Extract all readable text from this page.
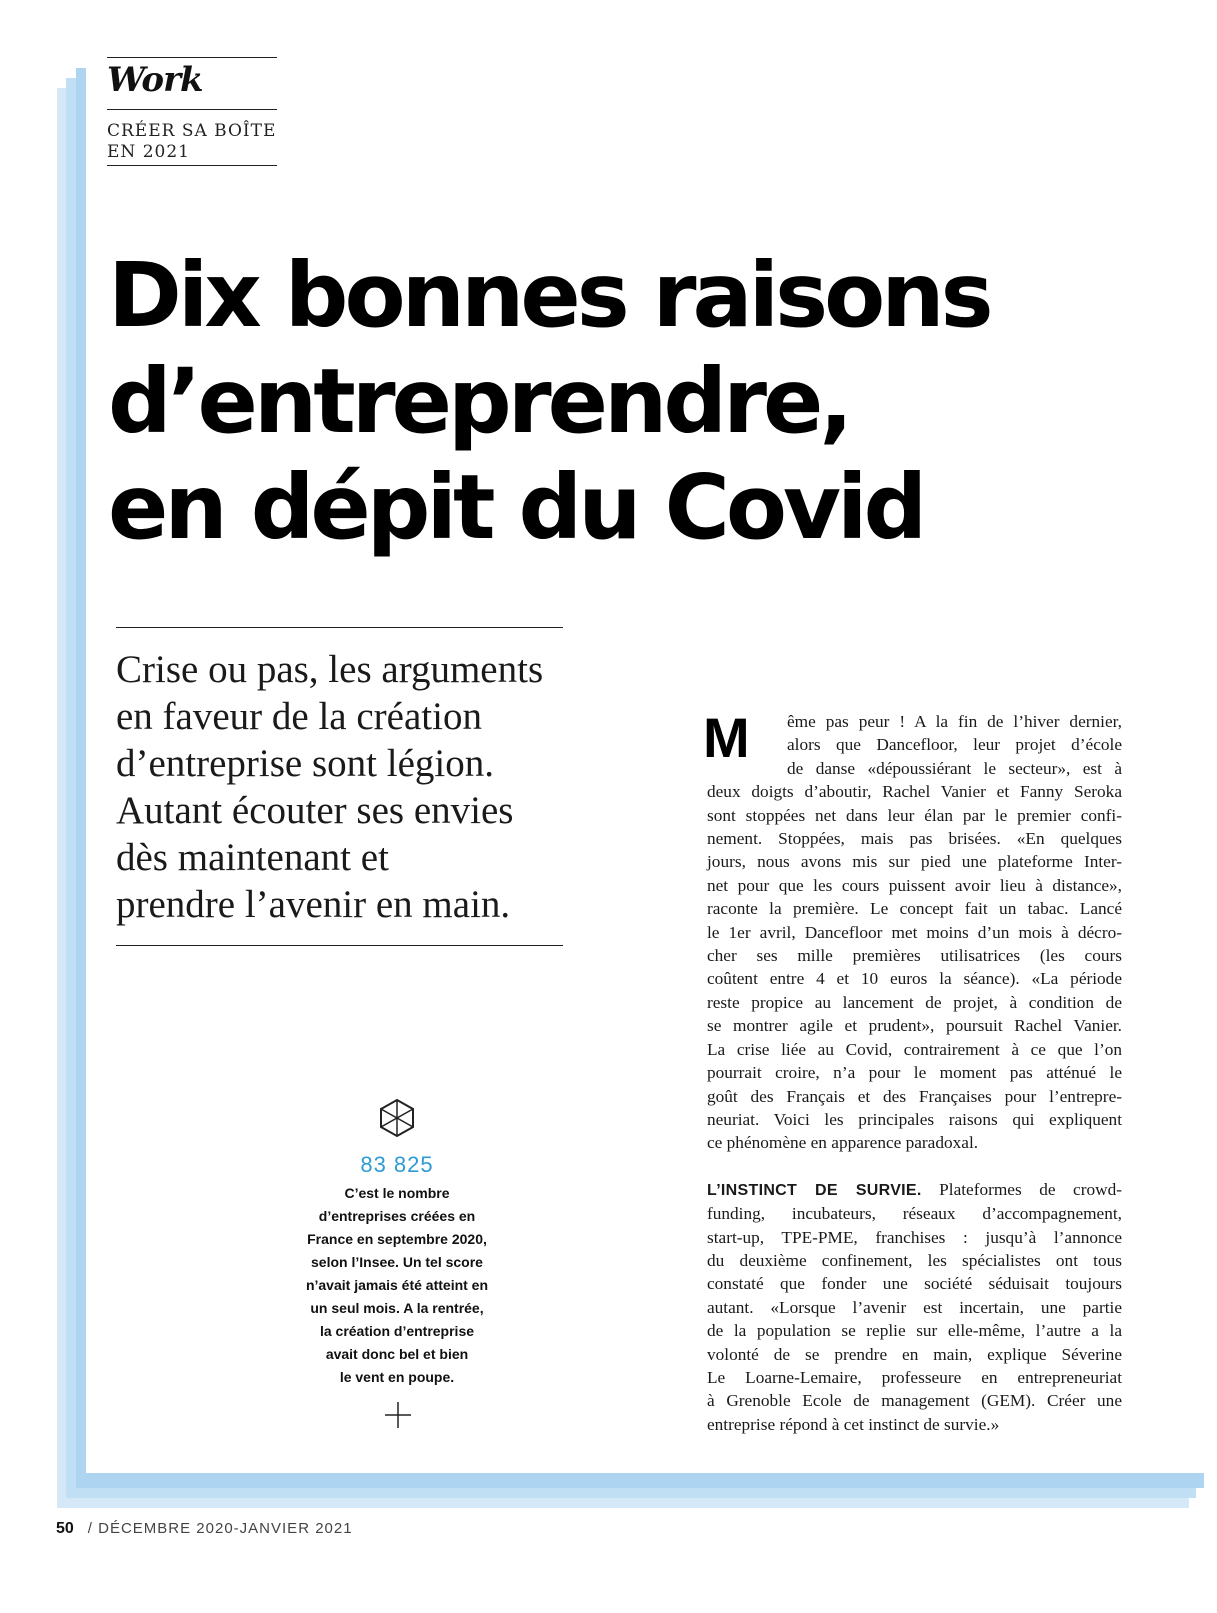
Work

CRÉER SA BOÎTE
EN 2021

Dix bonnes raisons
d’entreprendre,
en dépit du Covid

Crise ou pas, les arguments
en faveur de la création
d’entreprise sont légion.
Autant écouter ses envies
dès maintenant et
prendre l’avenir en main.

83 825

C’est le nombre
d’entreprises créées en
France en septembre 2020,
selon l’Insee. Un tel score
n’avait jamais été atteint en
un seul mois. A la rentrée,
la création d’entreprise
avait donc bel et bien
le vent en poupe.

M	ême pas peur ! A la fin de l’hiver dernier,
alors que Dancefloor, leur projet d’école
de danse «dépoussiérant le secteur», est à
deux doigts d’aboutir, Rachel Vanier et Fanny Seroka
sont stoppées net dans leur élan par le premier confi-
nement. Stoppées, mais pas brisées. «En quelques
jours, nous avons mis sur pied une plateforme Inter-
net pour que les cours puissent avoir lieu à distance»,
raconte la première. Le concept fait un tabac. Lancé
le 1er avril, Dancefloor met moins d’un mois à décro-
cher ses mille premières utilisatrices (les cours
coûtent entre 4 et 10 euros la séance). «La période
reste propice au lancement de projet, à condition de
se montrer agile et prudent», poursuit Rachel Vanier.
La crise liée au Covid, contrairement à ce que l’on
pourrait croire, n’a pour le moment pas atténué le
goût des Français et des Françaises pour l’entrepre-
neuriat. Voici les principales raisons qui expliquent
ce phénomène en apparence paradoxal.

L’INSTINCT DE SURVIE. Plateformes de crowd-
funding, incubateurs, réseaux d’accompagnement,
start-up, TPE-PME, franchises : jusqu’à l’annonce
du deuxième confinement, les spécialistes ont tous
constaté que fonder une société séduisait toujours
autant. «Lorsque l’avenir est incertain, une partie
de la population se replie sur elle-même, l’autre a la
volonté de se prendre en main, explique Séverine
Le Loarne-Lemaire, professeure en entrepreneuriat
à Grenoble Ecole de management (GEM). Créer une
entreprise répond à cet instinct de survie.»

50 / DÉCEMBRE 2020-JANVIER 2021
